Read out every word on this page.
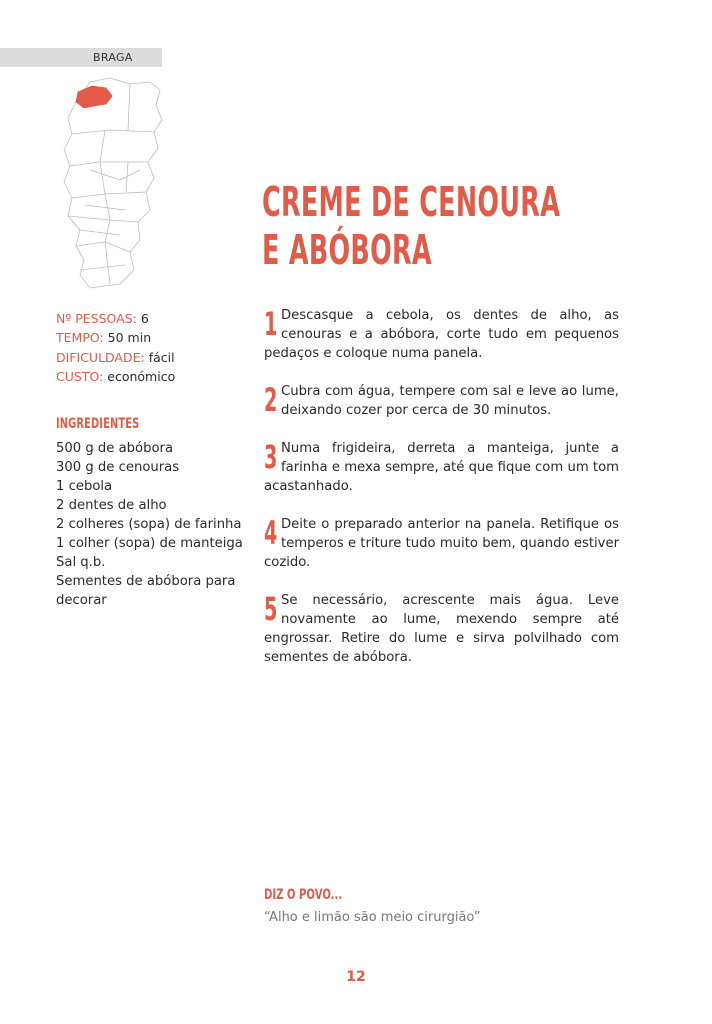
BRAGA
Nº PESSOAS: 6
TEMPO: 50 min
DIFICULDADE: fácil
CUSTO: económico
INGREDIENTES
500 g de abóbora
300 g de cenouras
1 cebola
2 dentes de alho
2 colheres (sopa) de farinha
1 colher (sopa) de manteiga
Sal q.b.
Sementes de abóbora para decorar
CREME DE CENOURA
E ABÓBORA
1 Descasque a cebola, os dentes de alho, as cenouras e a abóbora, corte tudo em pequenos pedaços e coloque numa panela.
2 Cubra com água, tempere com sal e leve ao lume, deixando cozer por cerca de 30 minutos.
3 Numa frigideira, derreta a manteiga, junte a farinha e mexa sempre, até que fique com um tom acastanhado.
4 Deite o preparado anterior na panela. Retifique os temperos e triture tudo muito bem, quando estiver cozido.
5 Se necessário, acrescente mais água. Leve novamente ao lume, mexendo sempre até engrossar. Retire do lume e sirva polvilhado com sementes de abóbora.
DIZ O POVO...
“Alho e limão são meio cirurgião”
12
